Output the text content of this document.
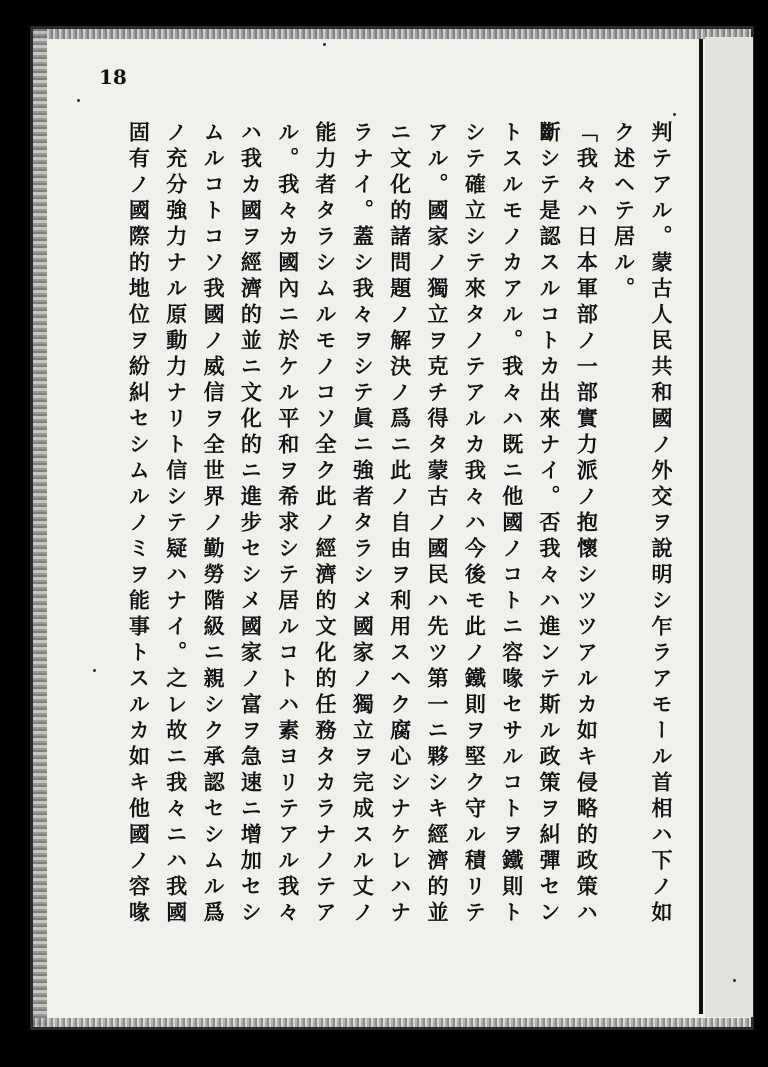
18
判テアル。蒙古人民共和國ノ外交ヲ說明シ乍ラアモール首相ハ下ノ如
ク述ヘテ居ル。
「我々ハ日本軍部ノ一部實力派ノ抱懷シツツアルカ如キ侵略的政策ハ
斷シテ是認スルコトカ出來ナイ。否我々ハ進ンテ斯ル政策ヲ糾彈セン
トスルモノカアル。我々ハ既ニ他國ノコトニ容喙セサルコトヲ鐵則ト
シテ確立シテ來タノテアルカ我々ハ今後モ此ノ鐵則ヲ堅ク守ル積リテ
アル。國家ノ獨立ヲ克チ得タ蒙古ノ國民ハ先ツ第一ニ夥シキ經濟的並
ニ文化的諸問題ノ解決ノ爲ニ此ノ自由ヲ利用スヘク腐心シナケレハナ
ラナイ。蓋シ我々ヲシテ眞ニ強者タラシメ國家ノ獨立ヲ完成スル丈ノ
能力者タラシムルモノコソ全ク此ノ經濟的文化的任務タカラナノテア
ル。我々カ國內ニ於ケル平和ヲ希求シテ居ルコトハ素ヨリテアル我々
ハ我カ國ヲ經濟的並ニ文化的ニ進步セシメ國家ノ富ヲ急速ニ增加セシ
ムルコトコソ我國ノ威信ヲ全世界ノ勤勞階級ニ親シク承認セシムル爲
ノ充分強力ナル原動力ナリト信シテ疑ハナイ。之レ故ニ我々ニハ我國
固有ノ國際的地位ヲ紛糾セシムルノミヲ能事トスルカ如キ他國ノ容喙
